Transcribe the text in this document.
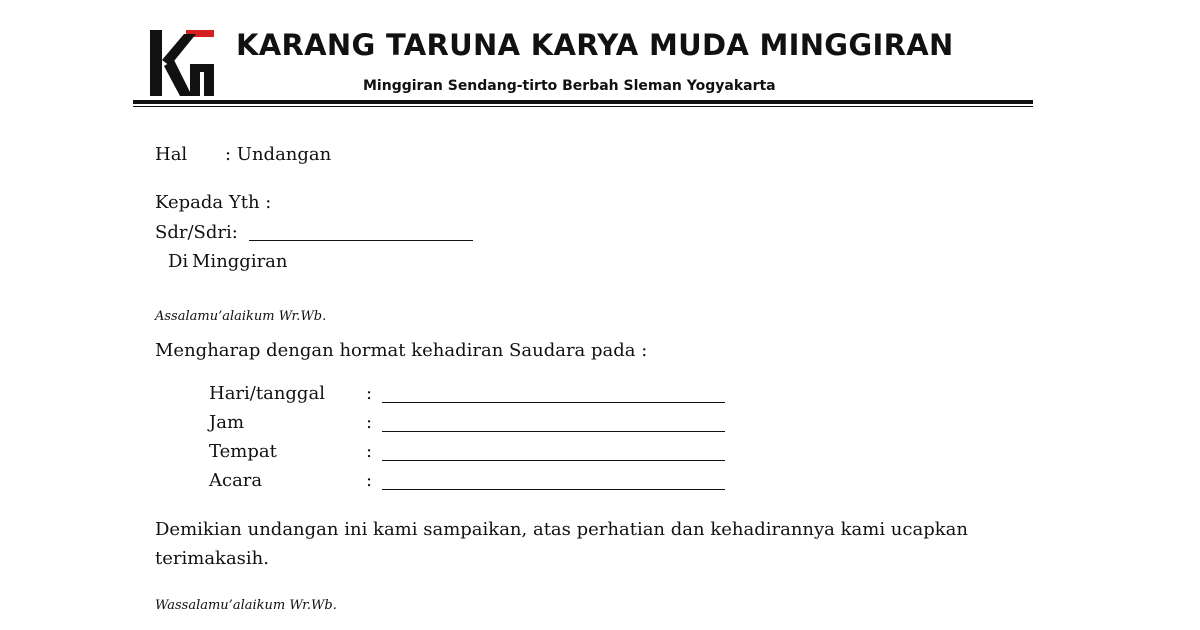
KARANG TARUNA KARYA MUDA MINGGIRAN
Minggiran Sendang-tirto Berbah Sleman Yogyakarta
Hal : Undangan
Kepada Yth :
Sdr/Sdri:
Di Minggiran
Assalamu’alaikum Wr.Wb.
Mengharap dengan hormat kehadiran Saudara pada :
Hari/tanggal :
Jam	:
Tempat	:
Acara	:
Demikian undangan ini kami sampaikan, atas perhatian dan kehadirannya kami ucapkan
terimakasih.
Wassalamu’alaikum Wr.Wb.
